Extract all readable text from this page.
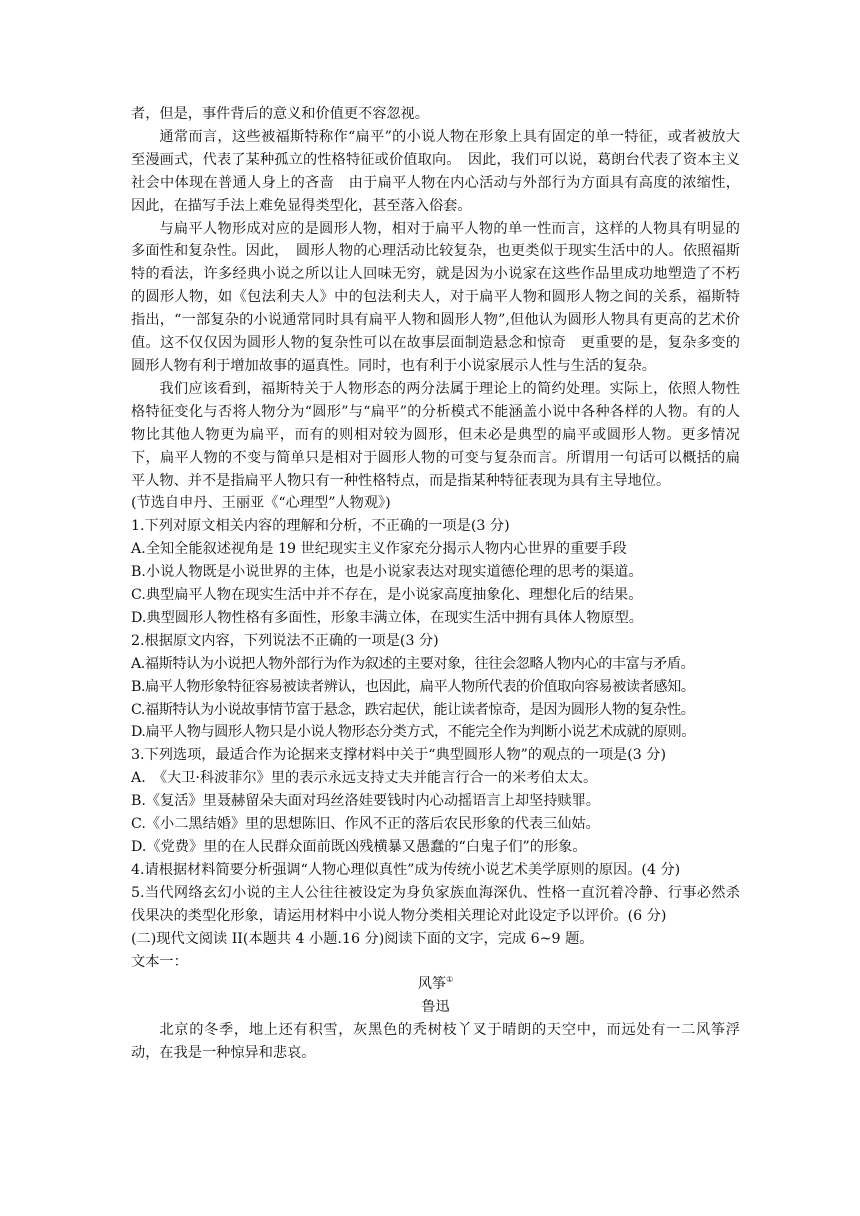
者，但是，事件背后的意义和价值更不容忽视。

通常而言，这些被福斯特称作“扁平”的小说人物在形象上具有固定的单一特征，或者被放大至漫画式，代表了某种孤立的性格特征或价值取向。　因此，我们可以说，葛朗台代表了资本主义社会中体现在普通人身上的吝啬　由于扁平人物在内心活动与外部行为方面具有高度的浓缩性，因此，在描写手法上难免显得类型化，甚至落入俗套。

与扁平人物形成对应的是圆形人物，相对于扁平人物的单一性而言，这样的人物具有明显的多面性和复杂性。因此，　圆形人物的心理活动比较复杂，也更类似于现实生活中的人。依照福斯特的看法，许多经典小说之所以让人回味无穷，就是因为小说家在这些作品里成功地塑造了不朽的圆形人物，如《包法利夫人》中的包法利夫人，对于扁平人物和圆形人物之间的关系，福斯特指出，“一部复杂的小说通常同时具有扁平人物和圆形人物”,但他认为圆形人物具有更高的艺术价值。这不仅仅因为圆形人物的复杂性可以在故事层面制造悬念和惊奇　更重要的是，复杂多变的圆形人物有利于增加故事的逼真性。同时，也有利于小说家展示人性与生活的复杂。

我们应该看到，福斯特关于人物形态的两分法属于理论上的简约处理。实际上，依照人物性格特征变化与否将人物分为“圆形”与“扁平”的分析模式不能涵盖小说中各种各样的人物。有的人物比其他人物更为扁平，而有的则相对较为圆形，但未必是典型的扁平或圆形人物。更多情况下，扁平人物的不变与简单只是相对于圆形人物的可变与复杂而言。所谓用一句话可以概括的扁平人物、并不是指扁平人物只有一种性格特点，而是指某种特征表现为具有主导地位。

(节选自申丹、王丽亚《“心理型”人物观》)

1.下列对原文相关内容的理解和分析，不正确的一项是(3 分)

A.全知全能叙述视角是 19 世纪现实主义作家充分揭示人物内心世界的重要手段

B.小说人物既是小说世界的主体，也是小说家表达对现实道德伦理的思考的渠道。

C.典型扁平人物在现实生活中并不存在，是小说家高度抽象化、理想化后的结果。

D.典型圆形人物性格有多面性，形象丰满立体，在现实生活中拥有具体人物原型。

2.根据原文内容，下列说法不正确的一项是(3 分)

A.福斯特认为小说把人物外部行为作为叙述的主要对象，往往会忽略人物内心的丰富与矛盾。

B.扁平人物形象特征容易被读者辨认，也因此，扁平人物所代表的价值取向容易被读者感知。

C.福斯特认为小说故事情节富于悬念，跌宕起伏，能让读者惊奇，是因为圆形人物的复杂性。

D.扁平人物与圆形人物只是小说人物形态分类方式，不能完全作为判断小说艺术成就的原则。

3.下列选项，最适合作为论据来支撑材料中关于“典型圆形人物”的观点的一项是(3 分)

A.　《大卫·科波菲尔》里的表示永远支持丈夫并能言行合一的米考伯太太。

B.《复活》里聂赫留朵夫面对玛丝洛娃要钱时内心动摇语言上却坚持赎罪。

C.《小二黑结婚》里的思想陈旧、作风不正的落后农民形象的代表三仙姑。

D.《党费》里的在人民群众面前既凶残横暴又愚蠢的“白鬼子们”的形象。

4.请根据材料简要分析强调“人物心理似真性”成为传统小说艺术美学原则的原因。(4 分)

5.当代网络玄幻小说的主人公往往被设定为身负家族血海深仇、性格一直沉着冷静、行事必然杀伐果决的类型化形象，请运用材料中小说人物分类相关理论对此设定予以评价。(6 分)

(二)现代文阅读 II(本题共 4 小题.16 分)阅读下面的文字，完成 6~9 题。

文本一：

风筝①

鲁迅

北京的冬季，地上还有积雪，灰黑色的秃树枝丫叉于晴朗的天空中，而远处有一二风筝浮动，在我是一种惊异和悲哀。
